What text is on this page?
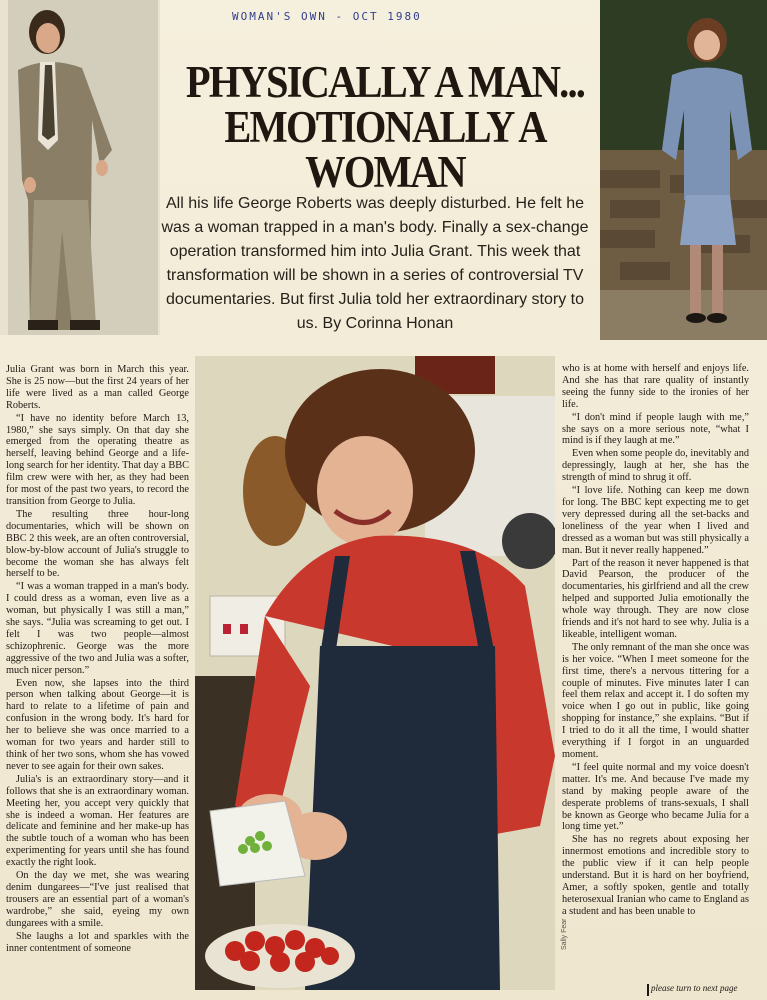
WOMAN'S OWN - OCT 1980
PHYSICALLY A MAN...
EMOTIONALLY A WOMAN
All his life George Roberts was deeply disturbed. He felt he was a woman trapped in a man's body. Finally a sex-change operation transformed him into Julia Grant. This week that transformation will be shown in a series of controversial TV documentaries. But first Julia told her extraordinary story to us. By Corinna Honan

Julia Grant was born in March this year. She is 25 now—but the first 24 years of her life were lived as a man called George Roberts.

“I have no identity before March 13, 1980,” she says simply. On that day she emerged from the operating theatre as herself, leaving behind George and a life-long search for her identity. That day a BBC film crew were with her, as they had been for most of the past two years, to record the transition from George to Julia.

The resulting three hour-long documentaries, which will be shown on BBC 2 this week, are an often controversial, blow-by-blow account of Julia's struggle to become the woman she has always felt herself to be.

“I was a woman trapped in a man's body. I could dress as a woman, even live as a woman, but physically I was still a man,” she says. “Julia was screaming to get out. I felt I was two people—almost schizophrenic. George was the more aggressive of the two and Julia was a softer, much nicer person.”

Even now, she lapses into the third person when talking about George—it is hard to relate to a lifetime of pain and confusion in the wrong body. It's hard for her to believe she was once married to a woman for two years and harder still to think of her two sons, whom she has vowed never to see again for their own sakes.

Julia's is an extraordinary story—and it follows that she is an extraordinary woman. Meeting her, you accept very quickly that she is indeed a woman. Her features are delicate and feminine and her make-up has the subtle touch of a woman who has been experimenting for years until she has found exactly the right look.

On the day we met, she was wearing denim dungarees—“I've just realised that trousers are an essential part of a woman's wardrobe,” she said, eyeing my own dungarees with a smile.

She laughs a lot and sparkles with the inner contentment of someone

who is at home with herself and enjoys life. And she has that rare quality of instantly seeing the funny side to the ironies of her life.

“I don't mind if people laugh with me,” she says on a more serious note, “what I mind is if they laugh at me.”

Even when some people do, inevitably and depressingly, laugh at her, she has the strength of mind to shrug it off.

“I love life. Nothing can keep me down for long. The BBC kept expecting me to get very depressed during all the set-backs and loneliness of the year when I lived and dressed as a woman but was still physically a man. But it never really happened.”

Part of the reason it never happened is that David Pearson, the producer of the documentaries, his girlfriend and all the crew helped and supported Julia emotionally the whole way through. They are now close friends and it's not hard to see why. Julia is a likeable, intelligent woman.

The only remnant of the man she once was is her voice. “When I meet someone for the first time, there's a nervous tittering for a couple of minutes. Five minutes later I can feel them relax and accept it. I do soften my voice when I go out in public, like going shopping for instance,” she explains. “But if I tried to do it all the time, I would shatter everything if I forgot in an unguarded moment.

“I feel quite normal and my voice doesn't matter. It's me. And because I've made my stand by making people aware of the desperate problems of trans-sexuals, I shall be known as George who became Julia for a long time yet.”

She has no regrets about exposing her innermost emotions and incredible story to the public view if it can help people understand. But it is hard on her boyfriend, Amer, a softly spoken, gentle and totally heterosexual Iranian who came to England as a student and has been unable to

please turn to next page
Sally Fear
